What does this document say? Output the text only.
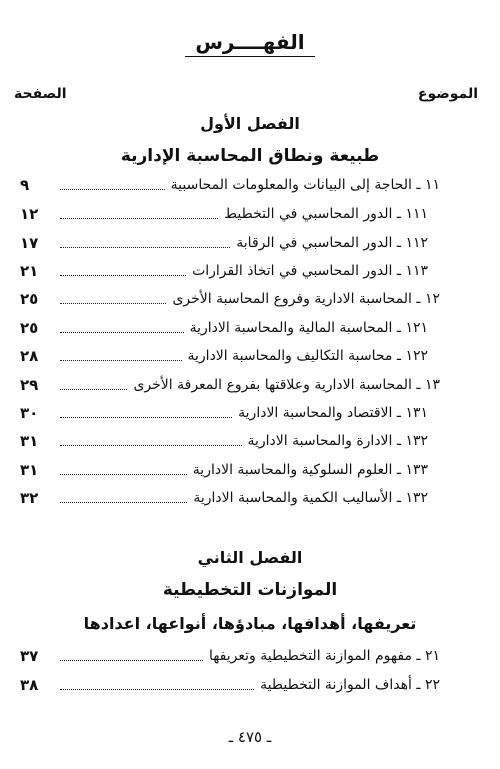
الفهــــرس
الموضوع
الصفحة
الفصل الأول
طبيعة ونطاق المحاسبة الإدارية
١١ ـ الحاجة إلى البيانات والمعلومات المحاسبية
٩
١١١ ـ الدور المحاسبي في التخطيط
١٢
١١٢ ـ الدور المحاسبي في الرقابة
١٧
١١٣ ـ الدور المحاسبي في اتخاذ القرارات
٢١
١٢ ـ المحاسبة الادارية وفروع المحاسبة الأخرى
٢٥
١٢١ ـ المحاسبة المالية والمحاسبة الادارية
٢٥
١٢٢ ـ محاسبة التكاليف والمحاسبة الادارية
٢٨
١٣ ـ المحاسبة الادارية وعلاقتها بفروع المعرفة الأخرى
٢٩
١٣١ ـ الاقتصاد والمحاسبة الادارية
٣٠
١٣٢ ـ الادارة والمحاسبة الادارية
٣١
١٣٣ ـ العلوم السلوكية والمحاسبة الادارية
٣١
١٣٢ ـ الأساليب الكمية والمحاسبة الادارية
٣٢
الفصل الثاني
الموازنات التخطيطية
تعريفها، أهدافها، مبادؤها، أنواعها، اعدادها
٢١ ـ مفهوم الموازنة التخطيطية وتعريفها
٣٧
٢٢ ـ أهداف الموازنة التخطيطية
٣٨
ـ ٤٧٥ ـ
